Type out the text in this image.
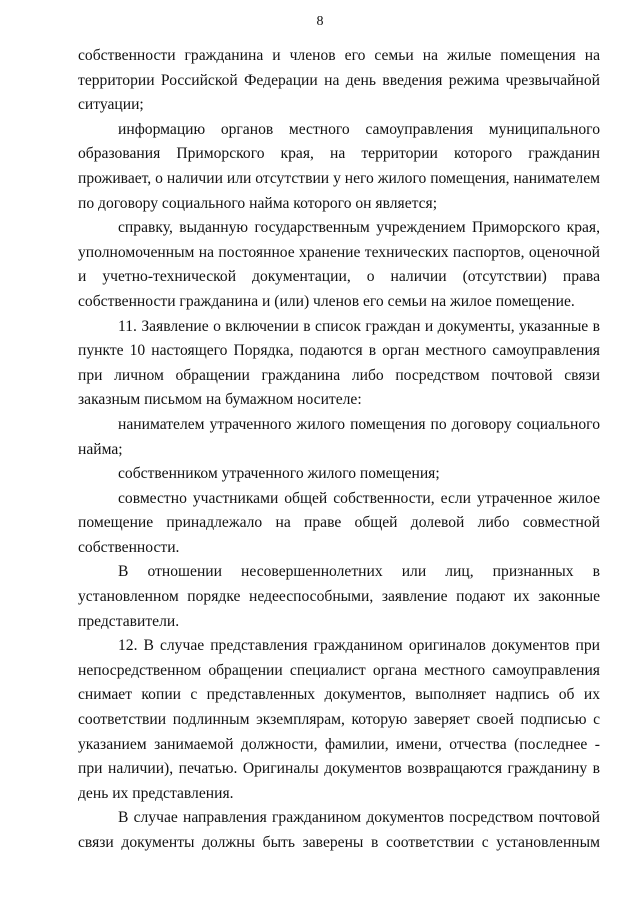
8

собственности гражданина и членов его семьи на жилые помещения на территории Российской Федерации на день введения режима чрезвычайной ситуации;

информацию органов местного самоуправления муниципального образования Приморского края, на территории которого гражданин проживает, о наличии или отсутствии у него жилого помещения, нанимателем по договору социального найма которого он является;

справку, выданную государственным учреждением Приморского края, уполномоченным на постоянное хранение технических паспортов, оценочной и учетно-технической документации, о наличии (отсутствии) права собственности гражданина и (или) членов его семьи на жилое помещение.

11. Заявление о включении в список граждан и документы, указанные в пункте 10 настоящего Порядка, подаются в орган местного самоуправления при личном обращении гражданина либо посредством почтовой связи заказным письмом на бумажном носителе:

нанимателем утраченного жилого помещения по договору социального найма;

собственником утраченного жилого помещения;

совместно участниками общей собственности, если утраченное жилое помещение принадлежало на праве общей долевой либо совместной собственности.

В отношении несовершеннолетних или лиц, признанных в установленном порядке недееспособными, заявление подают их законные представители.

12. В случае представления гражданином оригиналов документов при непосредственном обращении специалист органа местного самоуправления снимает копии с представленных документов, выполняет надпись об их соответствии подлинным экземплярам, которую заверяет своей подписью с указанием занимаемой должности, фамилии, имени, отчества (последнее - при наличии), печатью. Оригиналы документов возвращаются гражданину в день их представления.

В случае направления гражданином документов посредством почтовой связи документы должны быть заверены в соответствии с установленным
